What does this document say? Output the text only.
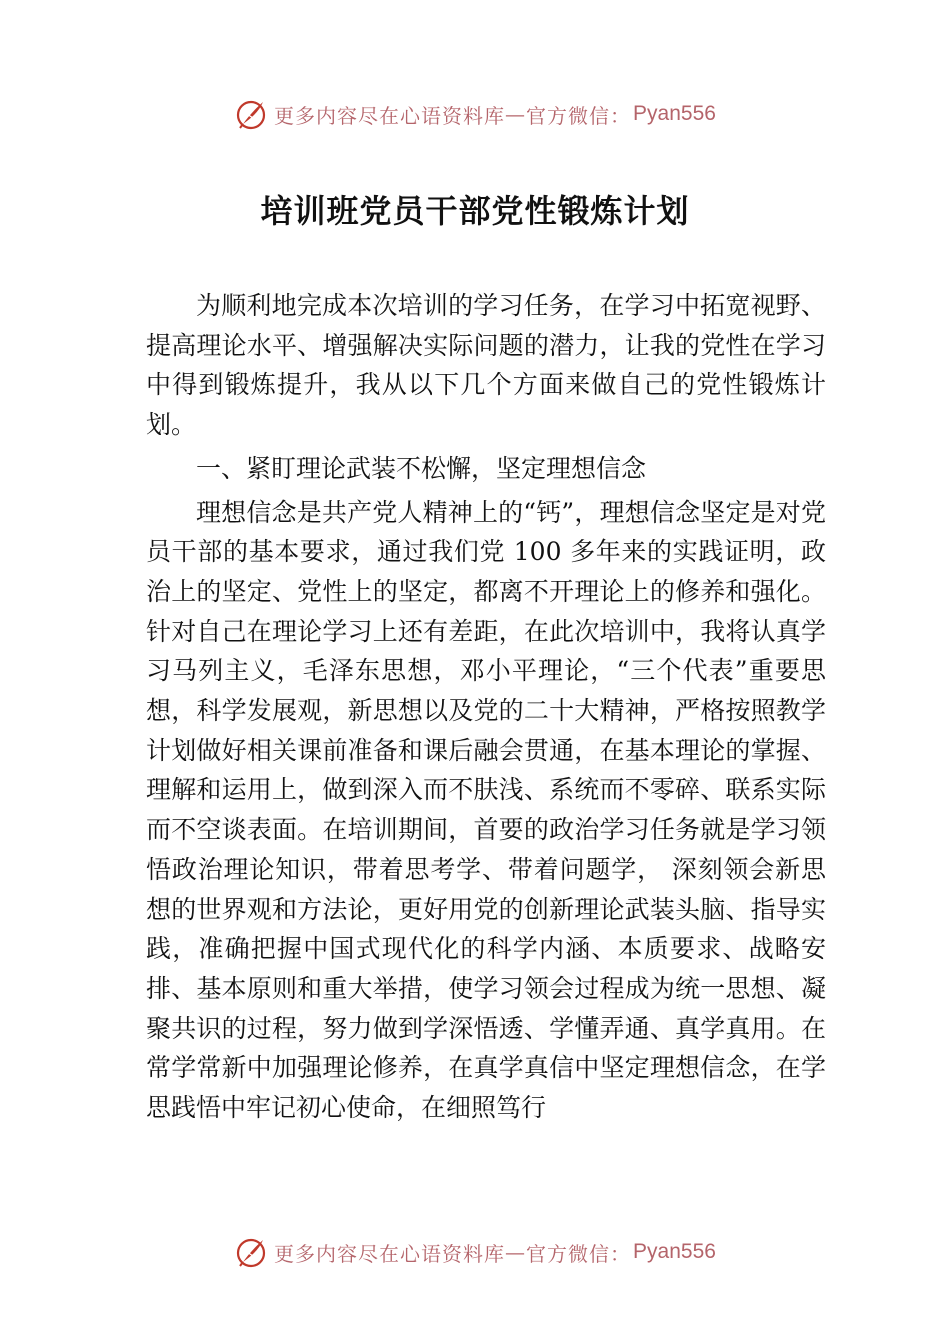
更多内容尽在心语资料库 — 官方微信： Pyan556
培训班党员干部党性锻炼计划

为顺利地完成本次培训的学习任务，在学习中拓宽视野、提高理论水平、增强解决实际问题的潜力，让我的党性在学习中得到锻炼提升，我从以下几个方面来做自己的党性锻炼计划。

一、紧盯理论武装不松懈，坚定理想信念

理想信念是共产党人精神上的“钙”，理想信念坚定是对党员干部的基本要求，通过我们党 100 多年来的实践证明，政治上的坚定、党性上的坚定，都离不开理论上的修养和强化。针对自己在理论学习上还有差距，在此次培训中，我将认真学习马列主义，毛泽东思想，邓小平理论，“三个代表”重要思想，科学发展观，新思想以及党的二十大精神，严格按照教学计划做好相关课前准备和课后融会贯通，在基本理论的掌握、理解和运用上，做到深入而不肤浅、系统而不零碎、联系实际而不空谈表面。在培训期间，首要的政治学习任务就是学习领悟政治理论知识，带着思考学、带着问题学， 深刻领会新思想的世界观和方法论，更好用党的创新理论武装头脑、指导实践，准确把握中国式现代化的科学内涵、本质要求、战略安排、基本原则和重大举措，使学习领会过程成为统一思想、凝聚共识的过程，努力做到学深悟透、学懂弄通、真学真用。在常学常新中加强理论修养，在真学真信中坚定理想信念，在学思践悟中牢记初心使命，在细照笃行

更多内容尽在心语资料库 — 官方微信： Pyan556
